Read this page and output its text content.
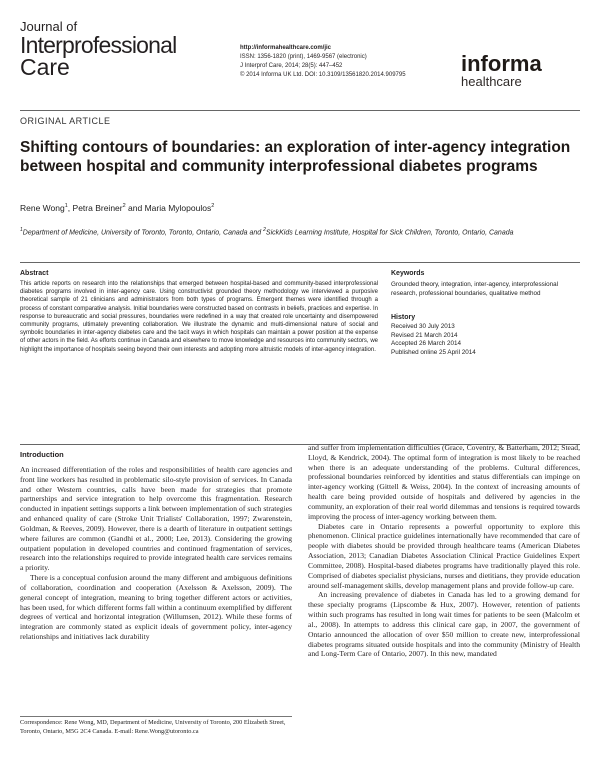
Journal of
Interprofessional
Care
http://informahealthcare.com/jic
ISSN: 1356-1820 (print), 1469-9567 (electronic)
J Interprof Care, 2014; 28(5): 447–452
© 2014 Informa UK Ltd. DOI: 10.3109/13561820.2014.909795	informa
healthcare
ORIGINAL ARTICLE
Shifting contours of boundaries: an exploration of inter-agency integration between hospital and community interprofessional diabetes programs
Rene Wong$^1$, Petra Breiner$^2$ and Maria Mylopoulos$^2$
$^1$Department of Medicine, University of Toronto, Toronto, Ontario, Canada and $^2$SickKids Learning Institute, Hospital for Sick Children, Toronto, Ontario, Canada
Abstract
This article reports on research into the relationships that emerged between hospital-based and community-based interprofessional diabetes programs involved in inter-agency care. Using constructivist grounded theory methodology we interviewed a purposive theoretical sample of 21 clinicians and administrators from both types of programs. Emergent themes were identified through a process of constant comparative analysis. Initial boundaries were constructed based on contrasts in beliefs, practices and expertise. In response to bureaucratic and social pressures, boundaries were redefined in a way that created role uncertainty and disempowered community programs, ultimately preventing collaboration. We illustrate the dynamic and multi-dimensional nature of social and symbolic boundaries in inter-agency diabetes care and the tacit ways in which hospitals can maintain a power position at the expense of other actors in the field. As efforts continue in Canada and elsewhere to move knowledge and resources into community sectors, we highlight the importance of hospitals seeing beyond their own interests and adopting more altruistic models of inter-agency integration.
Keywords
Grounded theory, integration, inter-agency, interprofessional research, professional boundaries, qualitative method
History
Received 30 July 2013
Revised 21 March 2014
Accepted 26 March 2014
Published online 25 April 2014
Introduction

An increased differentiation of the roles and responsibilities of health care agencies and front line workers has resulted in problematic silo-style provision of services. In Canada and other Western countries, calls have been made for strategies that promote partnerships and service integration to help overcome this fragmentation. Research conducted in inpatient settings supports a link between implementation of such strategies and enhanced quality of care (Stroke Unit Trialists' Collaboration, 1997; Zwarenstein, Goldman, & Reeves, 2009). However, there is a dearth of literature in outpatient settings where failures are common (Gandhi et al., 2000; Lee, 2013). Considering the growing outpatient population in developed countries and continued fragmentation of services, research into the relationships required to provide integrated health care services remains a priority.

There is a conceptual confusion around the many different and ambiguous definitions of collaboration, coordination and cooperation (Axelsson & Axelsson, 2009). The general concept of integration, meaning to bring together different actors or activities, has been used, for which different forms fall within a continuum exemplified by different degrees of vertical and horizontal integration (Willumsen, 2012). While these forms of integration are commonly stated as explicit ideals of government policy, inter-agency relationships and initiatives lack durability

and suffer from implementation difficulties (Grace, Coventry, & Batterham, 2012; Stead, Lloyd, & Kendrick, 2004). The optimal form of integration is most likely to be reached when there is an adequate understanding of the problems. Cultural differences, professional boundaries reinforced by identities and status differentials can impinge on inter-agency working (Gittell & Weiss, 2004). In the context of increasing amounts of health care being provided outside of hospitals and delivered by agencies in the community, an exploration of their real world dilemmas and tensions is required towards improving the process of inter-agency working between them.

Diabetes care in Ontario represents a powerful opportunity to explore this phenomenon. Clinical practice guidelines internationally have recommended that care of people with diabetes should be provided through healthcare teams (American Diabetes Association, 2013; Canadian Diabetes Association Clinical Practice Guidelines Expert Committee, 2008). Hospital-based diabetes programs have traditionally played this role. Comprised of diabetes specialist physicians, nurses and dietitians, they provide education around self-management skills, develop management plans and provide follow-up care.

An increasing prevalence of diabetes in Canada has led to a growing demand for these specialty programs (Lipscombe & Hux, 2007). However, retention of patients within such programs has resulted in long wait times for patients to be seen (Malcolm et al., 2008). In attempts to address this clinical care gap, in 2007, the government of Ontario announced the allocation of over $50 million to create new, interprofessional diabetes programs situated outside hospitals and into the community (Ministry of Health and Long-Term Care of Ontario, 2007). In this new, mandated

Correspondence: Rene Wong, MD, Department of Medicine, University of Toronto, 200 Elizabeth Street, Toronto, Ontario, M5G 2C4 Canada. E-mail: Rene.Wong@utoronto.ca
